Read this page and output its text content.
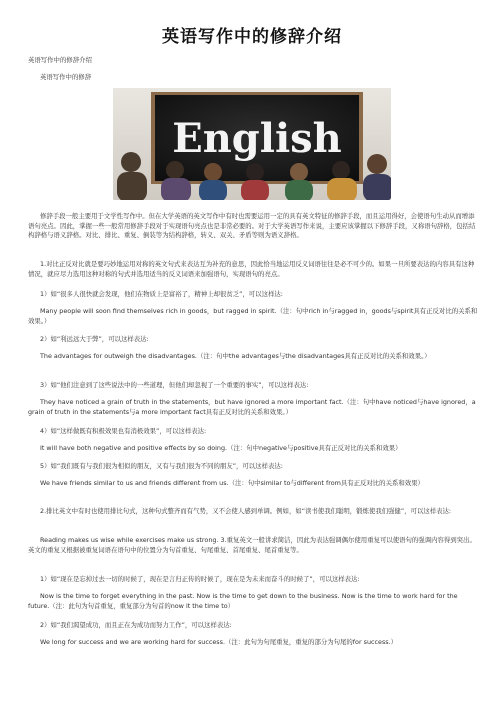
英语写作中的修辞介绍
英语写作中的修辞介绍
英语写作中的修辞
English
修辞手段一般主要用于文学性写作中。但在大学英语的英文写作中有时也需要运用一定的具有英文特征的修辞手段，而且运用得好，会使语句生动从而增添语句亮点。因此，掌握一些一般常用修辞手段对于实现语句亮点也是非常必要的。对于大学英语写作来说，主要应该掌握以下修辞手段，又称语句辞格，包括结构辞格与语义辞格。对比、排比、重复、倒装等为结构辞格，转义、双关、矛盾等则为语义辞格。
1.对比正反对比就是要巧妙地运用对称的英文句式来表达互为补充的意思，因此恰当地运用反义词语往往是必不可少的。如果一旦所要表达的内容具有这种情况，就应尽力选用这种对称的句式并选用适当的反义词语来加强语句，实现语句的亮点。
1）如“很多人很快就会发现，他们在物质上是富裕了，精神上却很贫乏”，可以这样达:
Many people will soon find themselves rich in goods，but ragged in spirit.（注：句中rich in与ragged in，goods与spirit具有正反对比的关系和效果。）
2）如“利远远大于弊”，可以这样表达:
The advantages for outweigh the disadvantages.（注：句中the advantages与the disadvantages具有正反对比的关系和效果。）
3）如“他们注意到了这些说法中的一些道理，但他们却忽视了一个重要的事实”，可以这样表达:
They have noticed a grain of truth in the statements，but have ignored a more important fact.（注：句中have noticed与have ignored，a grain of truth in the statements与a more important fact具有正反对比的关系和效果。）
4）如“这样做既有积极效果也有消极效果”，可以这样表达:
It will have both negative and positive effects by so doing.（注：句中negative与positive具有正反对比的关系和效果）
5）如“我们既有与我们很为相似的朋友，又有与我们很为不同的朋友”，可以这样表达:
We have friends similar to us and friends different from us.（注：句中similar to与different from具有正反对比的关系和效果）
2.排比英文中有时也使用排比句式，这种句式整齐而有气势，又不会使人感到单调。例如，如“读书使我们聪明，锻炼使我们强健”，可以这样表达:
Reading makes us wise while exercises make us strong. 3.重复英文一般讲求简洁，因此为表达强调偶尔使用重复可以使语句的强调内容得到突出。英文的重复又根据被重复词语在语句中的位置分为句首重复、句尾重复、首尾重复、尾首重复等。
1）如“现在是忘掉过去一切的时候了，现在是言归正传的时候了，现在是为未来而奋斗的时候了”，可以这样表达:
Now is the time to forget everything in the past. Now is the time to get down to the business. Now is the time to work hard for the future.（注：此句为句首重复，重复部分为句首的now it the time to）
2）如“我们渴望成功，而且正在为成功而努力工作”，可以这样表达:
We long for success and we are working hard for success.（注：此句为句尾重复，重复的部分为句尾的for success.）
